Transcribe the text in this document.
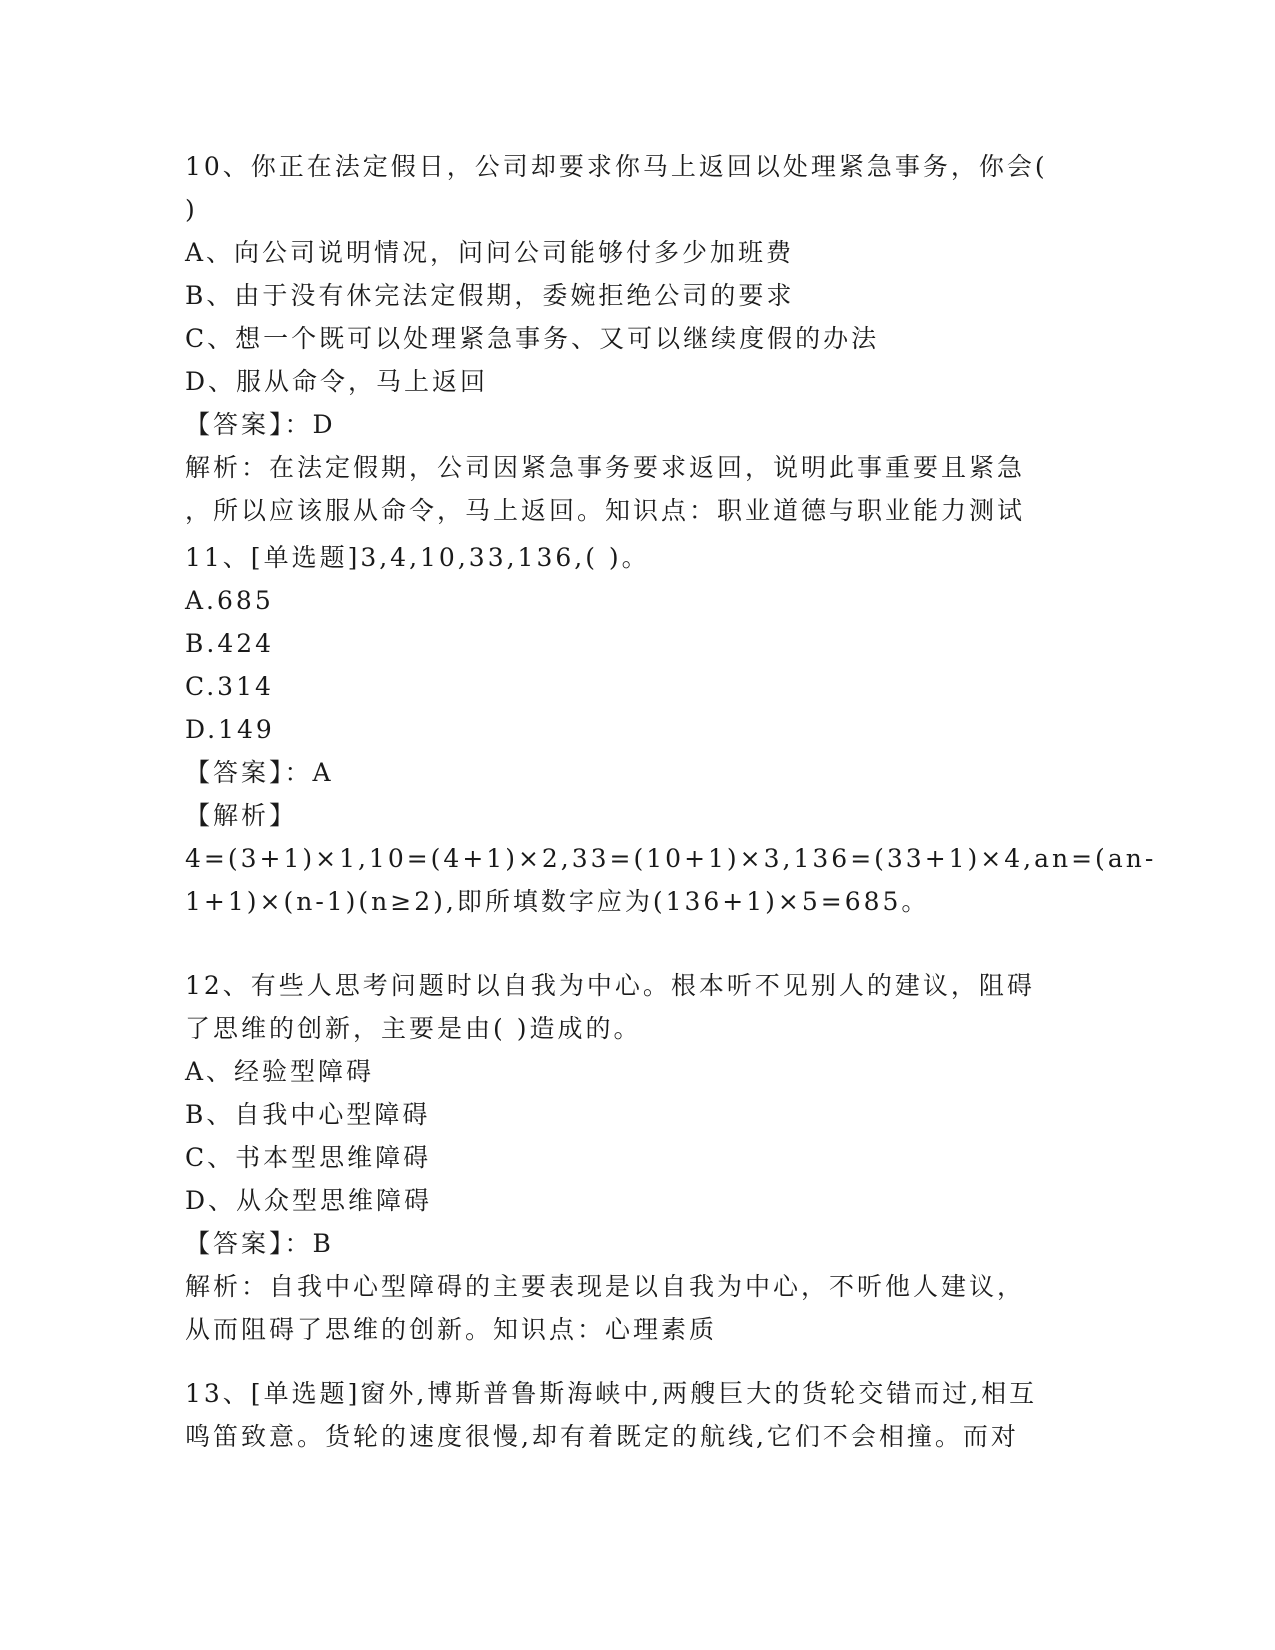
10、你正在法定假日，公司却要求你马上返回以处理紧急事务，你会(
)
A、向公司说明情况，问问公司能够付多少加班费
B、由于没有休完法定假期，委婉拒绝公司的要求
C、想一个既可以处理紧急事务、又可以继续度假的办法
D、服从命令，马上返回
【答案】：D
解析：在法定假期，公司因紧急事务要求返回，说明此事重要且紧急
，所以应该服从命令，马上返回。知识点：职业道德与职业能力测试
11、[单选题]3,4,10,33,136,( )。
A.685
B.424
C.314
D.149
【答案】：A
【解析】
4=(3+1)×1,10=(4+1)×2,33=(10+1)×3,136=(33+1)×4,an=(an-
1+1)×(n-1)(n≥2),即所填数字应为(136+1)×5=685。
12、有些人思考问题时以自我为中心。根本听不见别人的建议，阻碍
了思维的创新，主要是由( )造成的。
A、经验型障碍
B、自我中心型障碍
C、书本型思维障碍
D、从众型思维障碍
【答案】：B
解析：自我中心型障碍的主要表现是以自我为中心，不听他人建议，
从而阻碍了思维的创新。知识点：心理素质
13、[单选题]窗外,博斯普鲁斯海峡中,两艘巨大的货轮交错而过,相互
鸣笛致意。货轮的速度很慢,却有着既定的航线,它们不会相撞。而对
